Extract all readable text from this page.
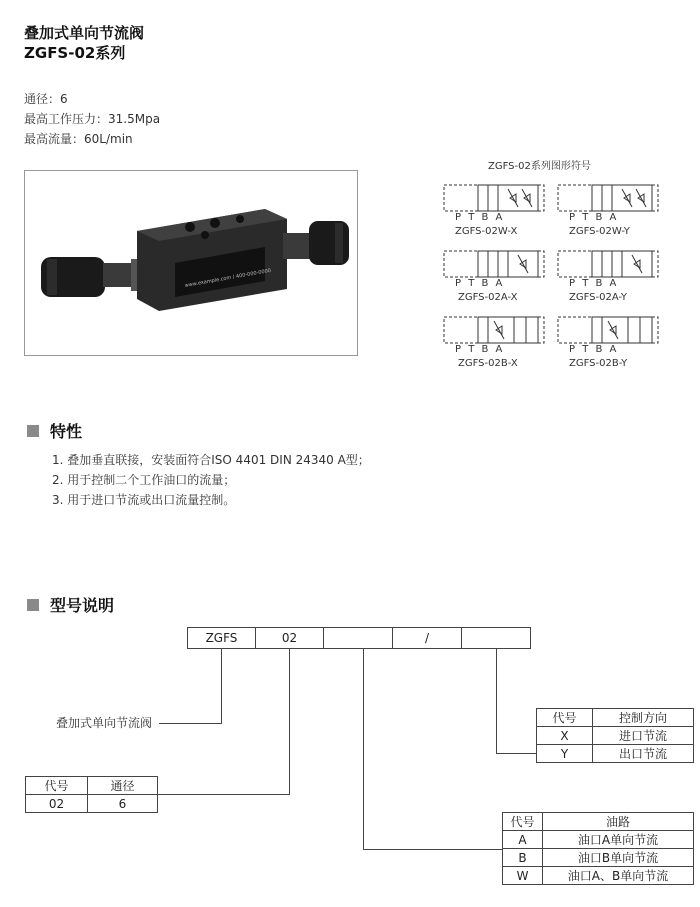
叠加式单向节流阀
ZGFS-02系列
通径：6
最高工作压力：31.5Mpa
最高流量：60L/min
www.example.com / 400-000-0000
ZGFS-02系列图形符号
P T B A	P T B A
ZGFS-02W-X	ZGFS-02W-Y
P T B A	P T B A
ZGFS-02A-X	ZGFS-02A-Y
P T B A	P T B A
ZGFS-02B-X	ZGFS-02B-Y
特性
1. 叠加垂直联接，安装面符合ISO 4401 DIN 24340 A型；
2. 用于控制二个工作油口的流量；
3. 用于进口节流或出口流量控制。
型号说明
ZGFS	02	/
叠加式单向节流阀
代号	通径
02	6
代号	控制方向
X	进口节流
Y	出口节流
代号	油路
A	油口A单向节流
B	油口B单向节流
W	油口A、B单向节流
